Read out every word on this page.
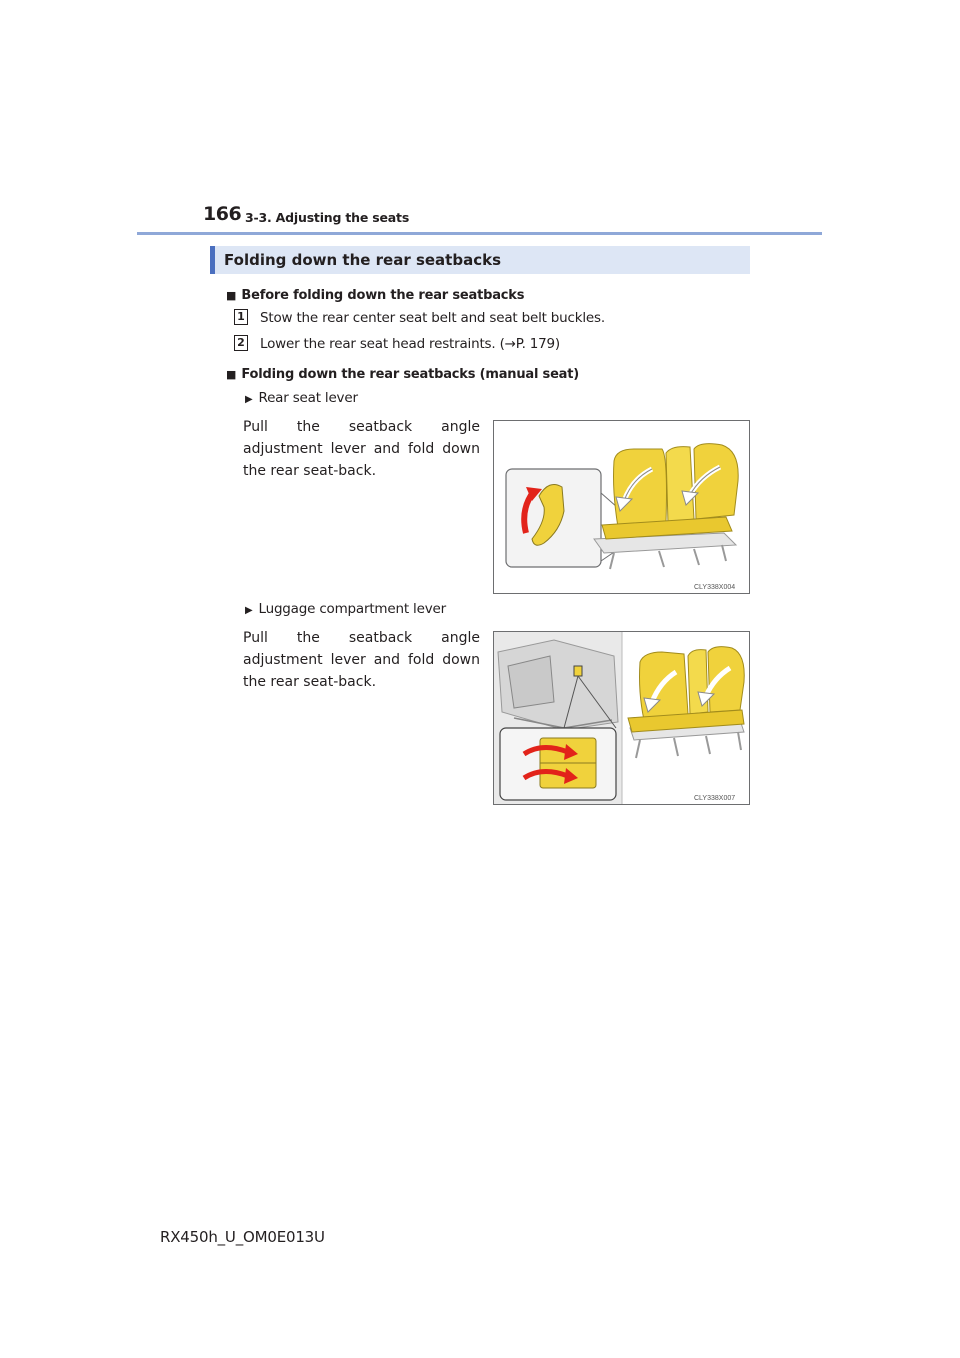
166 3-3. Adjusting the seats
Folding down the rear seatbacks
■ Before folding down the rear seatbacks
1 Stow the rear center seat belt and seat belt buckles.
2 Lower the rear seat head restraints. (→P. 179)
■ Folding down the rear seatbacks (manual seat)
▶ Rear seat lever
Pull the seatback angle adjustment lever and fold down the rear seat-back.
CLY338X004
▶ Luggage compartment lever
Pull the seatback angle adjustment lever and fold down the rear seat-back.
CLY338X007
RX450h_U_OM0E013U
